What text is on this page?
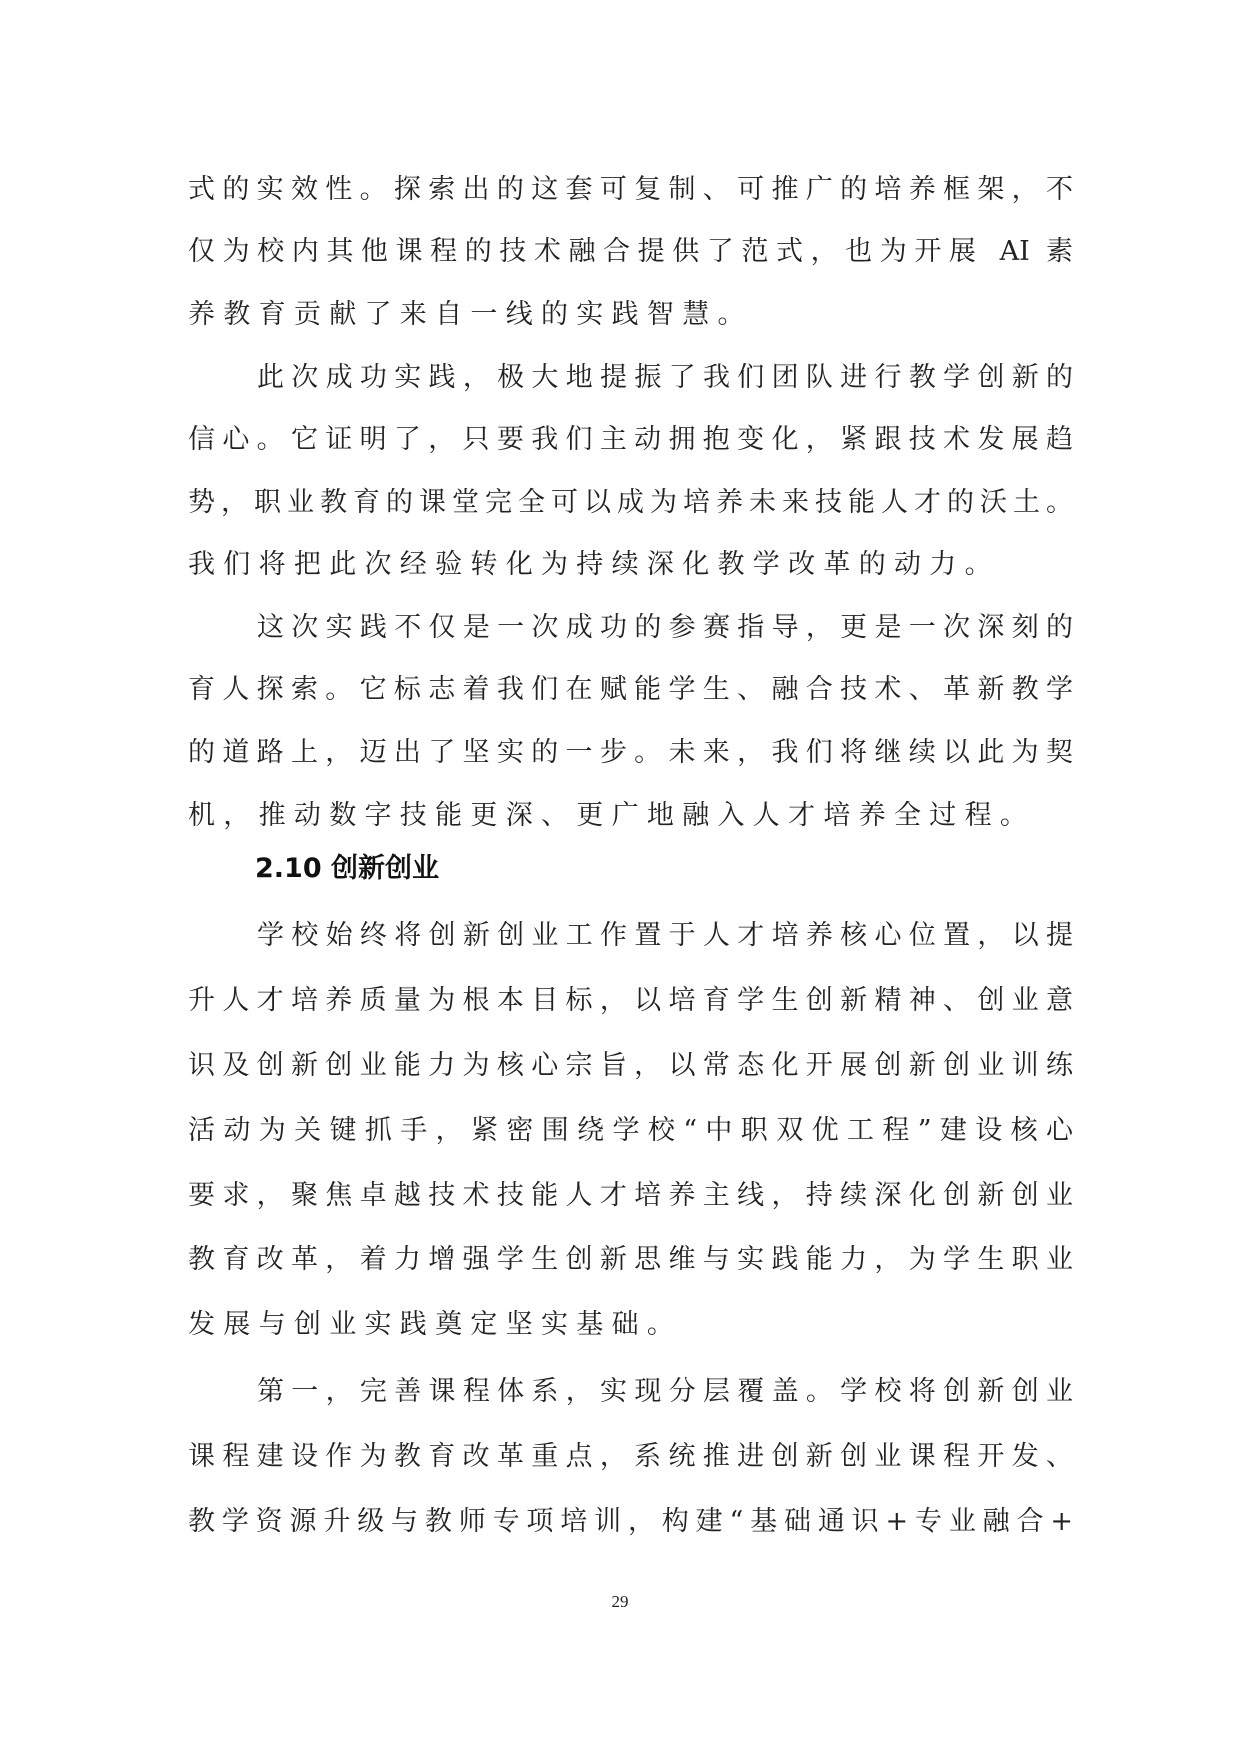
式的实效性。探索出的这套可复制、可推广的培养框架，不
仅为校内其他课程的技术融合提供了范式，也为开展 AI 素
养教育贡献了来自一线的实践智慧。
此次成功实践，极大地提振了我们团队进行教学创新的
信心。它证明了，只要我们主动拥抱变化，紧跟技术发展趋
势，职业教育的课堂完全可以成为培养未来技能人才的沃土。
我们将把此次经验转化为持续深化教学改革的动力。
这次实践不仅是一次成功的参赛指导，更是一次深刻的
育人探索。它标志着我们在赋能学生、融合技术、革新教学
的道路上，迈出了坚实的一步。未来，我们将继续以此为契
机，推动数字技能更深、更广地融入人才培养全过程。
2.10 创新创业
学校始终将创新创业工作置于人才培养核心位置，以提
升人才培养质量为根本目标，以培育学生创新精神、创业意
识及创新创业能力为核心宗旨，以常态化开展创新创业训练
活动为关键抓手，紧密围绕学校“中职双优工程”建设核心
要求，聚焦卓越技术技能人才培养主线，持续深化创新创业
教育改革，着力增强学生创新思维与实践能力，为学生职业
发展与创业实践奠定坚实基础。
第一，完善课程体系，实现分层覆盖。学校将创新创业
课程建设作为教育改革重点，系统推进创新创业课程开发、
教学资源升级与教师专项培训，构建“基础通识+专业融合+
29
